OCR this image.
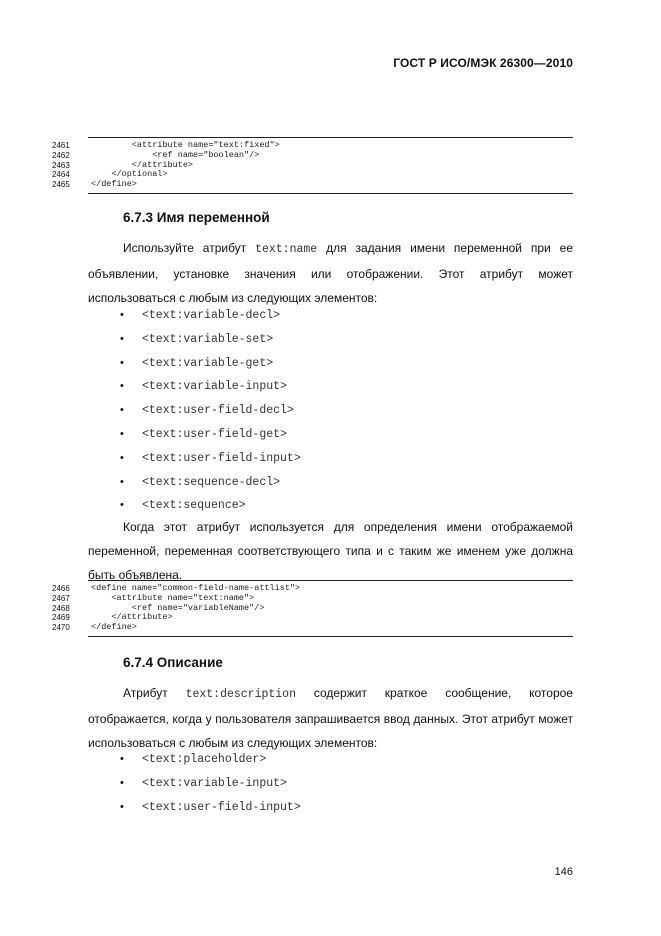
ГОСТ Р ИСО/МЭК 26300—2010
2461	<attribute name="text:fixed">
2462	<ref name="boolean"/>
2463	</attribute>
2464	</optional>
2465	</define>
6.7.3 Имя переменной
Используйте атрибут text:name для задания имени переменной при ее объявлении, установке значения или отображении. Этот атрибут может использоваться с любым из следующих элементов:
•	<text:variable-decl>
•	<text:variable-set>
•	<text:variable-get>
•	<text:variable-input>
•	<text:user-field-decl>
•	<text:user-field-get>
•	<text:user-field-input>
•	<text:sequence-decl>
•	<text:sequence>
Когда этот атрибут используется для определения имени отображаемой переменной, переменная соответствующего типа и с таким же именем уже должна быть объявлена.
2466	<define name="common-field-name-attlist">
2467	<attribute name="text:name">
2468	<ref name="variableName"/>
2469	</attribute>
2470	</define>
6.7.4 Описание
Атрибут text:description содержит краткое сообщение, которое отображается, когда у пользователя запрашивается ввод данных. Этот атрибут может использоваться с любым из следующих элементов:
•	<text:placeholder>
•	<text:variable-input>
•	<text:user-field-input>
146
